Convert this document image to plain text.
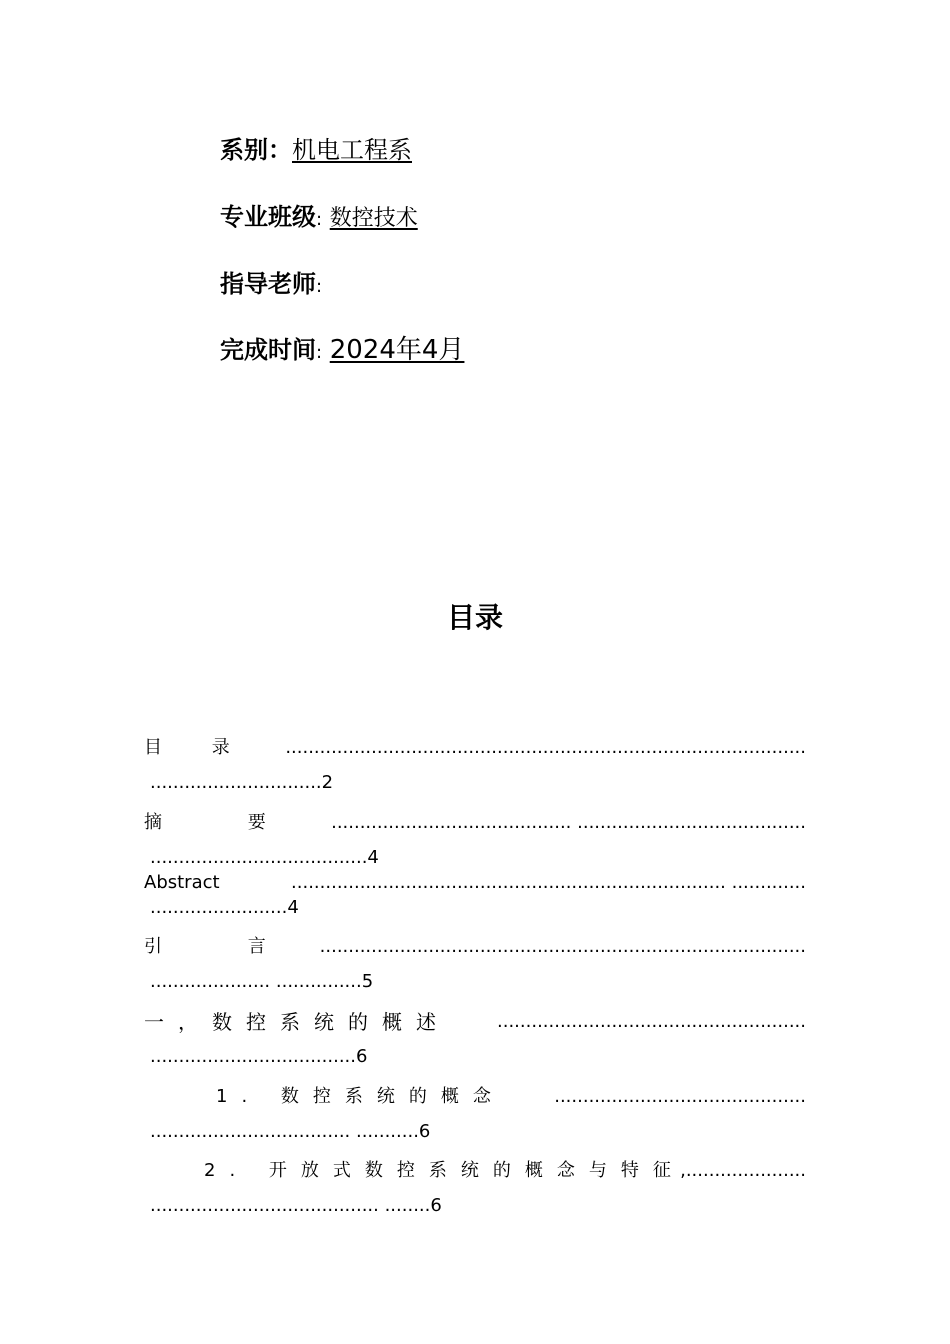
系别：机电工程系
专业班级: 数控技术
指导老师:
完成时间: 2024年4月
目录
目 录 ...........................................................................................
..............................2
摘 要 .......................................... ........................................
......................................4
Abstract	............................................................................ .............
........................4
引 言 .....................................................................................
..................... ...............5
一，数控系统的概述	......................................................
....................................6
1. 数控系统的概念	............................................
................................... ...........6
2. 开放式数控系统的概念与特征
,.....................
........................................ ........6
